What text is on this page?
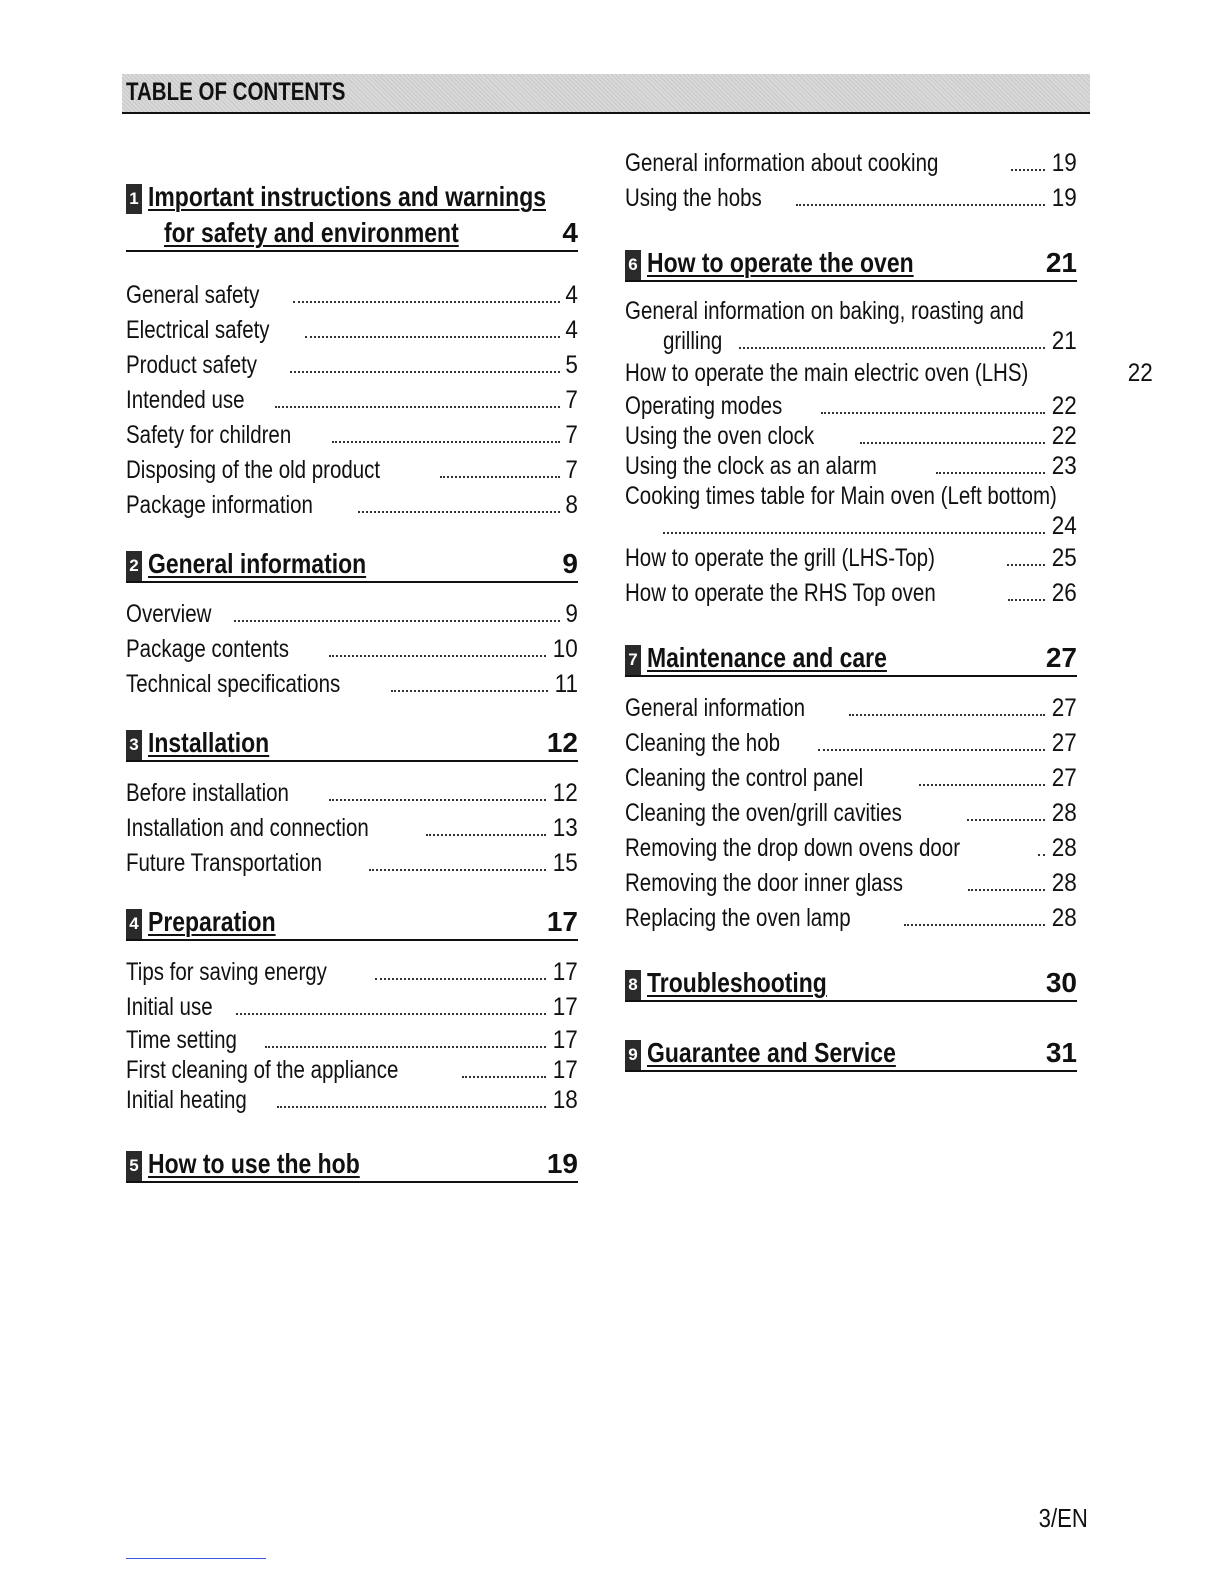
TABLE OF CONTENTS
1 Important instructions and warnings
for safety and environment	4
General safety	4
Electrical safety	4
Product safety	5
Intended use	7
Safety for children	7
Disposing of the old product	7
Package information	8
2 General information	9
Overview	9
Package contents	10
Technical specifications	11
3 Installation	12
Before installation	12
Installation and connection	13
Future Transportation	15
4 Preparation	17
Tips for saving energy	17
Initial use	17
Time setting	17
First cleaning of the appliance	17
Initial heating	18
5 How to use the hob	19
General information about cooking	19
Using the hobs	19
6 How to operate the oven	21
General information on baking, roasting and
grilling	21
How to operate the main electric oven (LHS)	22
Operating modes	22
Using the oven clock	22
Using the clock as an alarm	23
Cooking times table for Main oven (Left bottom)
24
How to operate the grill (LHS-Top)	25
How to operate the RHS Top oven	26
7 Maintenance and care	27
General information	27
Cleaning the hob	27
Cleaning the control panel	27
Cleaning the oven/grill cavities	28
Removing the drop down ovens door	28
Removing the door inner glass	28
Replacing the oven lamp	28
8 Troubleshooting	30
9 Guarantee and Service	31
3/EN
